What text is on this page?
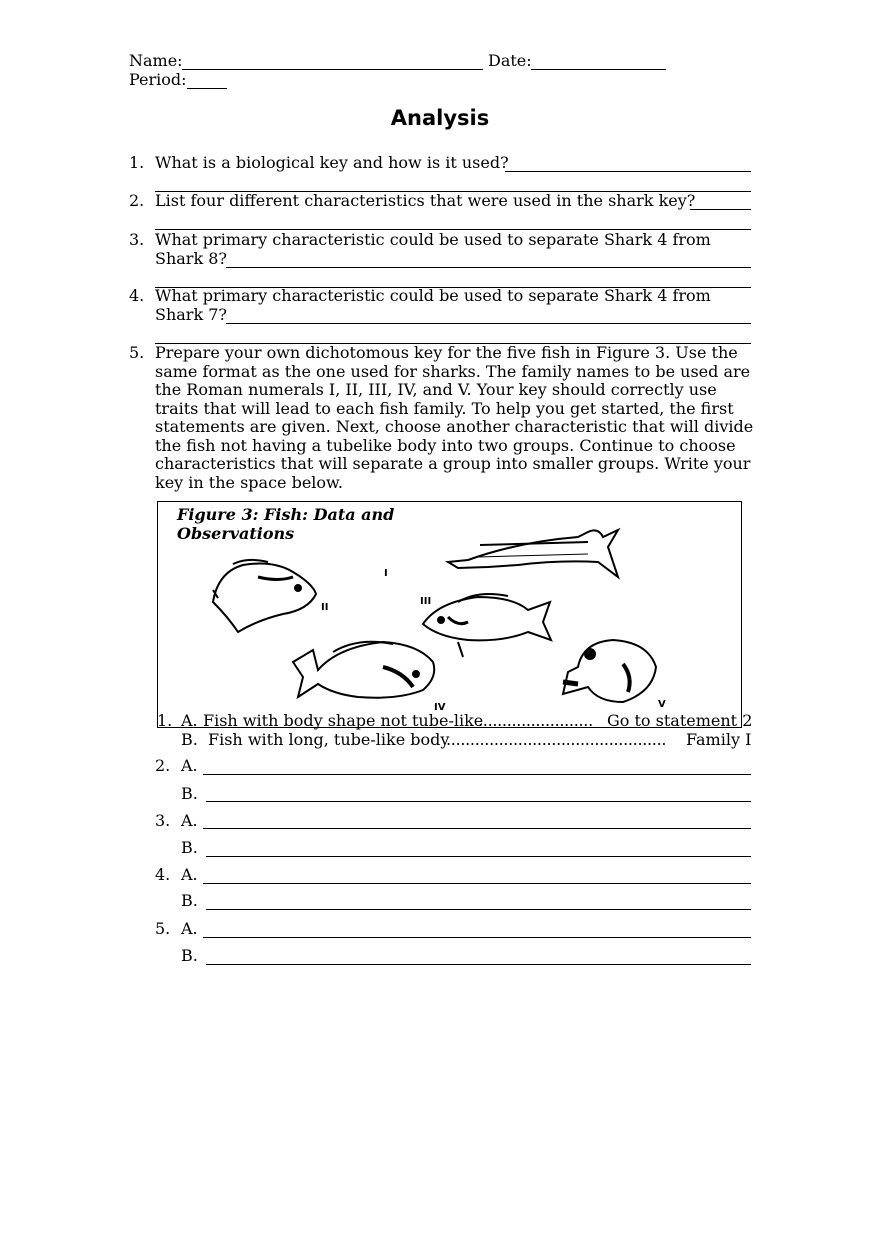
Name:	Date:
Period:
Analysis
1. What is a biological key and how is it used?
2. List four different characteristics that were used in the shark key?
3. What primary characteristic could be used to separate Shark 4 from
Shark 8?
4. What primary characteristic could be used to separate Shark 4 from
Shark 7?
5. Prepare your own dichotomous key for the five fish in Figure 3. Use the same format as the one used for sharks. The family names to be used are the Roman numerals I, II, III, IV, and V. Your key should correctly use traits that will lead to each fish family. To help you get started, the first statements are given. Next, choose another characteristic that will divide the fish not having a tubelike body into two groups. Continue to choose characteristics that will separate a group into smaller groups. Write your key in the space below.
Figure 3: Fish: Data and Observations
I
II
III
IV	V
1. A. Fish with body shape not tube-like
........................ Go to statement 2
B. Fish with long, tube-like body
.............................................. Family I
2. A.
B.
3. A.
B.
4. A.
B.
5. A.
B.
